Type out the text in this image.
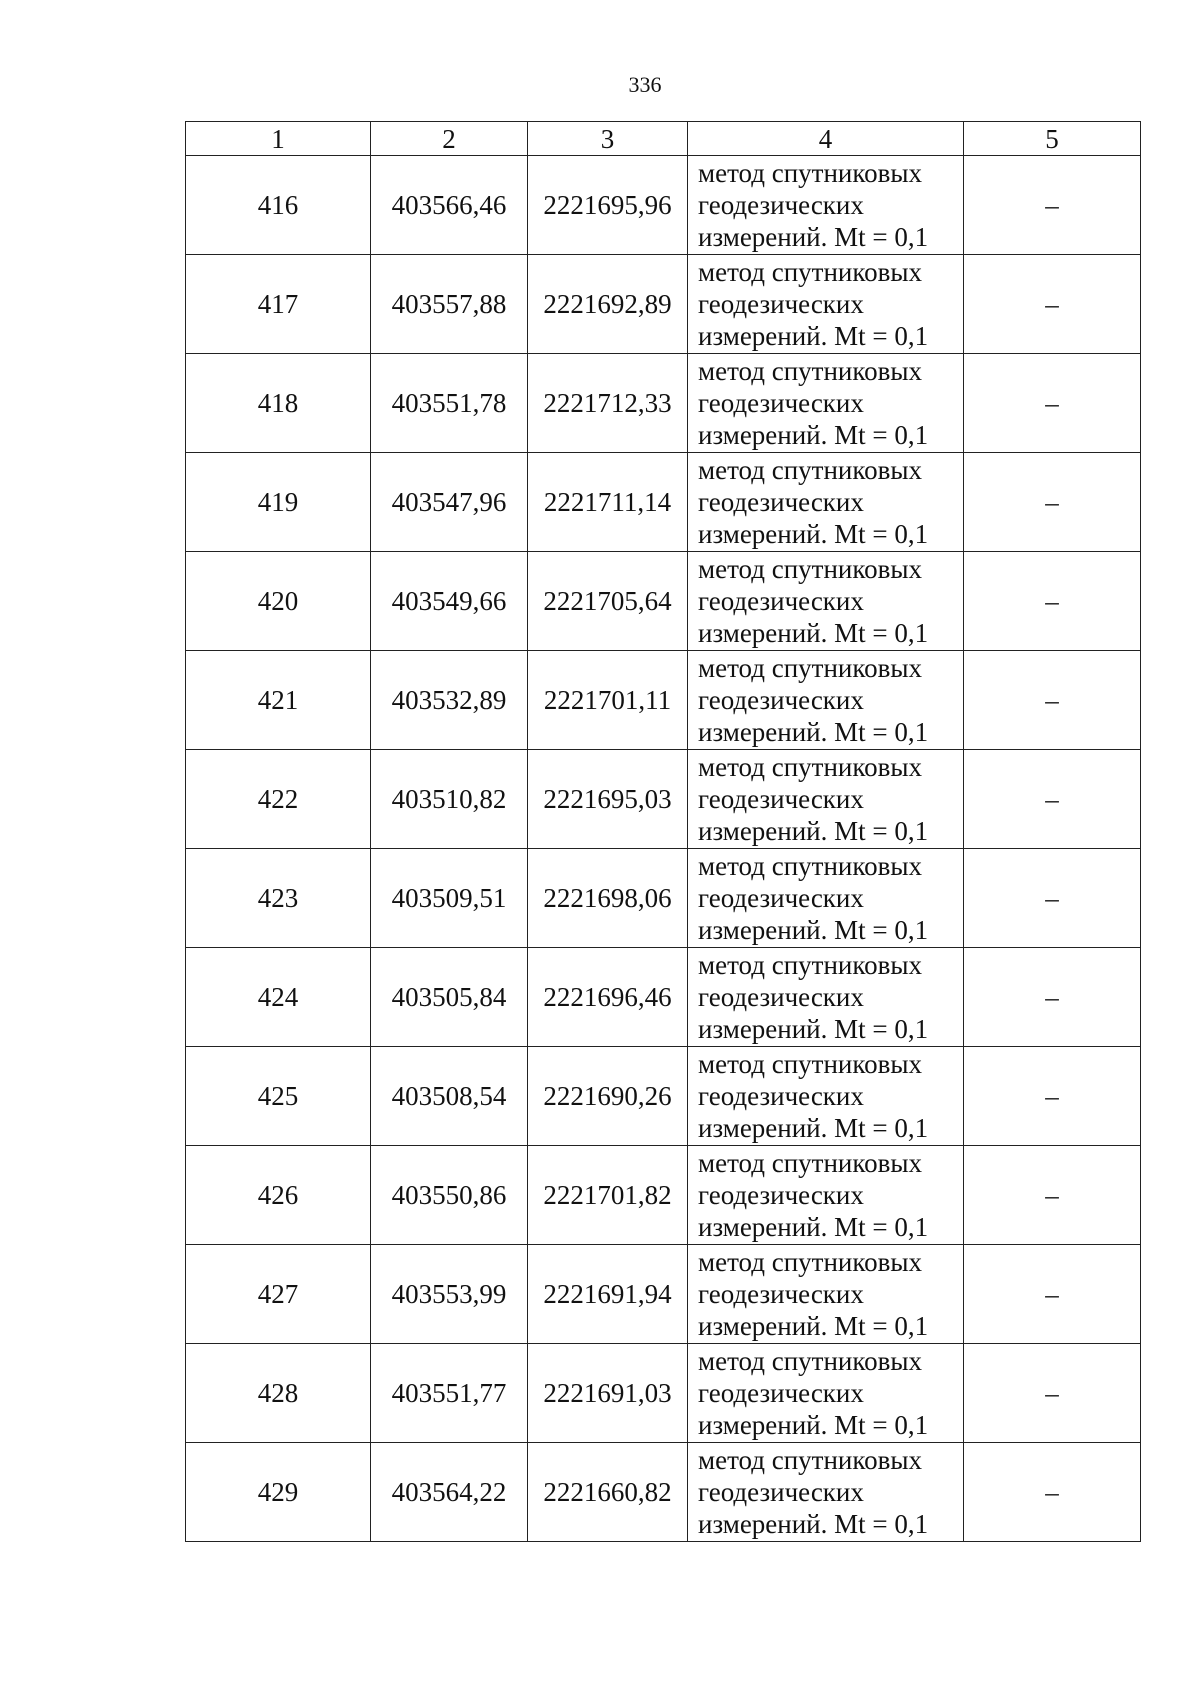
336
1	2	3	4	5
416	403566,46	2221695,96	метод спутниковых
геодезических
измерений. Mt = 0,1	–
417	403557,88	2221692,89	метод спутниковых
геодезических
измерений. Mt = 0,1	–
418	403551,78	2221712,33	метод спутниковых
геодезических
измерений. Mt = 0,1	–
419	403547,96	2221711,14	метод спутниковых
геодезических
измерений. Mt = 0,1	–
420	403549,66	2221705,64	метод спутниковых
геодезических
измерений. Mt = 0,1	–
421	403532,89	2221701,11	метод спутниковых
геодезических
измерений. Mt = 0,1	–
422	403510,82	2221695,03	метод спутниковых
геодезических
измерений. Mt = 0,1	–
423	403509,51	2221698,06	метод спутниковых
геодезических
измерений. Mt = 0,1	–
424	403505,84	2221696,46	метод спутниковых
геодезических
измерений. Mt = 0,1	–
425	403508,54	2221690,26	метод спутниковых
геодезических
измерений. Mt = 0,1	–
426	403550,86	2221701,82	метод спутниковых
геодезических
измерений. Mt = 0,1	–
427	403553,99	2221691,94	метод спутниковых
геодезических
измерений. Mt = 0,1	–
428	403551,77	2221691,03	метод спутниковых
геодезических
измерений. Mt = 0,1	–
429	403564,22	2221660,82	метод спутниковых
геодезических
измерений. Mt = 0,1	–
